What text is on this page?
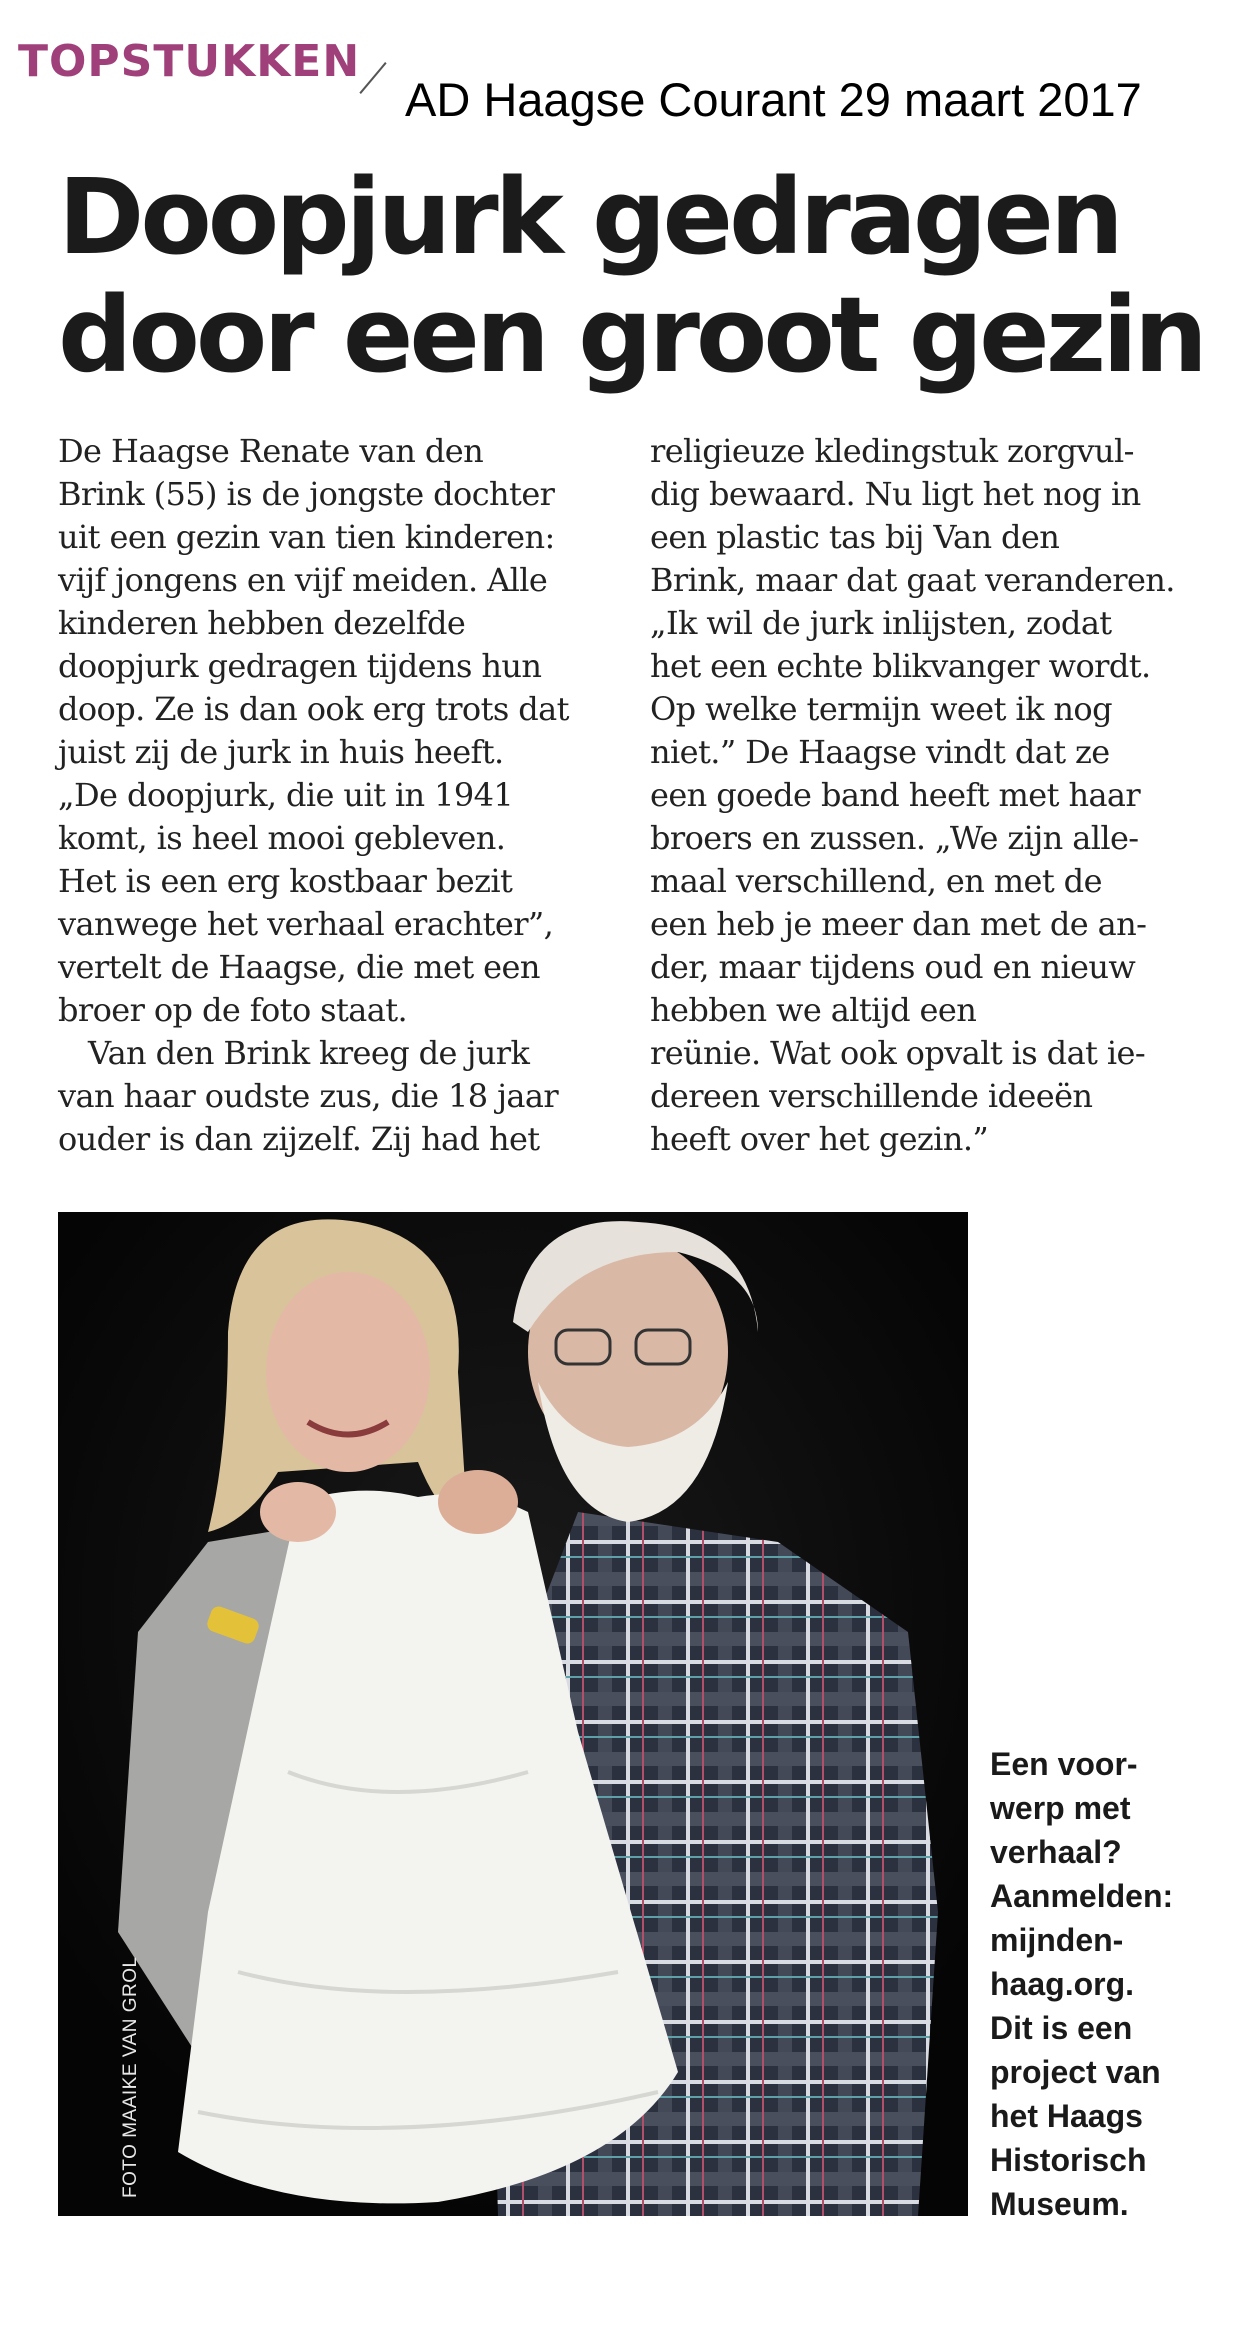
TOPSTUKKEN
AD Haagse Courant 29 maart 2017
Doopjurk gedragen
door een groot gezin
De Haagse Renate van den
Brink (55) is de jongste dochter
uit een gezin van tien kinderen:
vijf jongens en vijf meiden. Alle
kinderen hebben dezelfde
doopjurk gedragen tijdens hun
doop. Ze is dan ook erg trots dat
juist zij de jurk in huis heeft.
„De doopjurk, die uit in 1941
komt, is heel mooi gebleven.
Het is een erg kostbaar bezit
vanwege het verhaal erachter”,
vertelt de Haagse, die met een
broer op de foto staat.
Van den Brink kreeg de jurk
van haar oudste zus, die 18 jaar
ouder is dan zijzelf. Zij had het
religieuze kledingstuk zorgvul-
dig bewaard. Nu ligt het nog in
een plastic tas bij Van den
Brink, maar dat gaat veranderen.
„Ik wil de jurk inlijsten, zodat
het een echte blikvanger wordt.
Op welke termijn weet ik nog
niet.” De Haagse vindt dat ze
een goede band heeft met haar
broers en zussen. „We zijn alle-
maal verschillend, en met de
een heb je meer dan met de an-
der, maar tijdens oud en nieuw
hebben we altijd een
reünie. Wat ook opvalt is dat ie-
dereen verschillende ideeën
heeft over het gezin.”
FOTO MAAIKE VAN GROL
Een voor-
werp met
verhaal?
Aanmelden:
mijnden-
haag.org.
Dit is een
project van
het Haags
Historisch
Museum.
